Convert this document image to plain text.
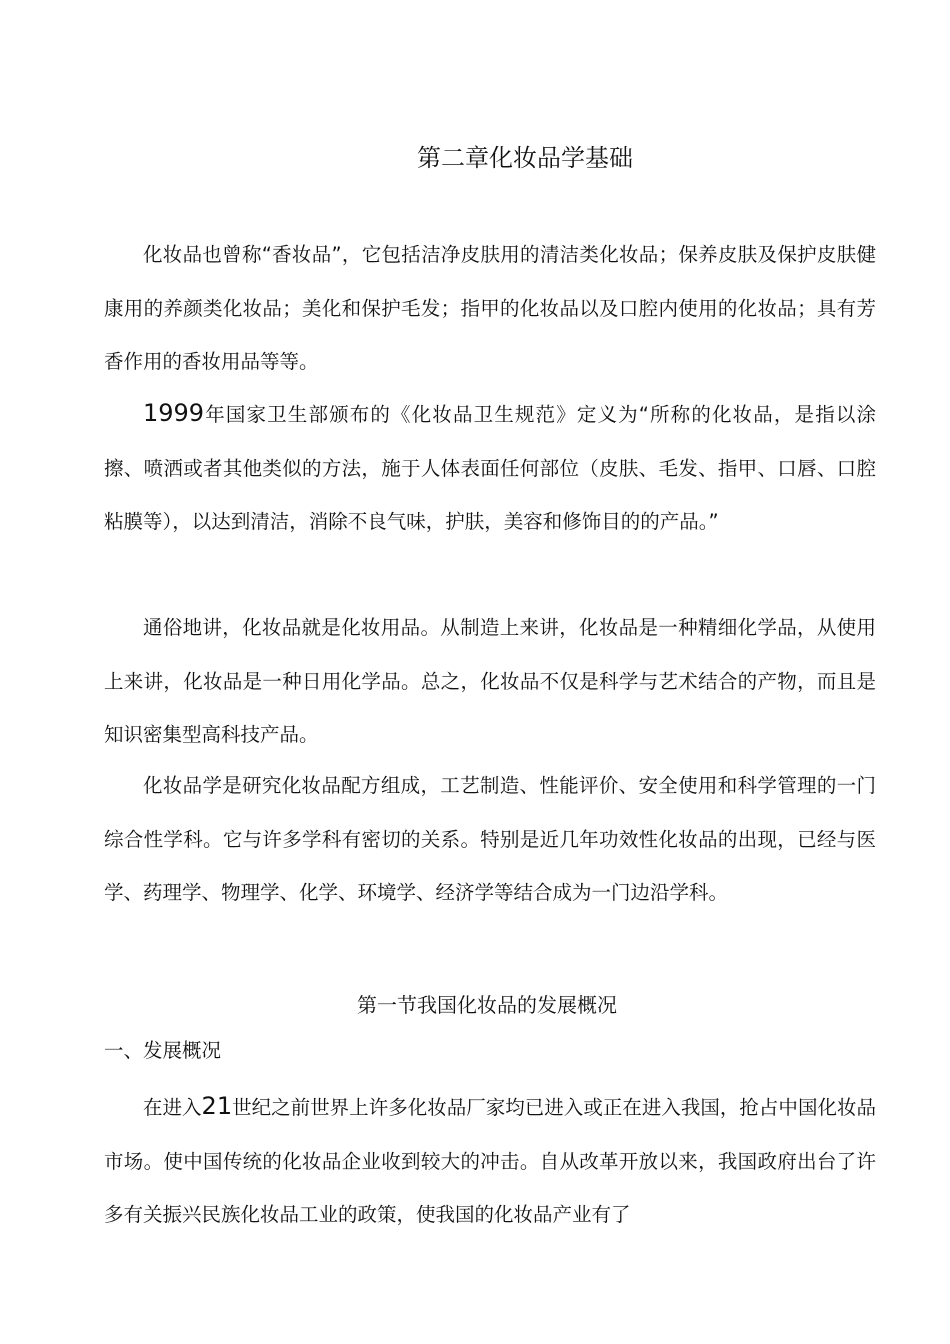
第二章化妆品学基础

化妆品也曾称“香妆品”，它包括洁净皮肤用的清洁类化妆品；保养皮肤及保护皮肤健康用的养颜类化妆品；美化和保护毛发；指甲的化妆品以及口腔内使用的化妆品；具有芳香作用的香妆用品等等。

1999年国家卫生部颁布的《化妆品卫生规范》定义为“所称的化妆品，是指以涂擦、喷洒或者其他类似的方法，施于人体表面任何部位（皮肤、毛发、指甲、口唇、口腔粘膜等），以达到清洁，消除不良气味，护肤，美容和修饰目的的产品。”

通俗地讲，化妆品就是化妆用品。从制造上来讲，化妆品是一种精细化学品，从使用上来讲，化妆品是一种日用化学品。总之，化妆品不仅是科学与艺术结合的产物，而且是知识密集型高科技产品。

化妆品学是研究化妆品配方组成，工艺制造、性能评价、安全使用和科学管理的一门综合性学科。它与许多学科有密切的关系。特别是近几年功效性化妆品的出现，已经与医学、药理学、物理学、化学、环境学、经济学等结合成为一门边沿学科。

第一节我国化妆品的发展概况
一、发展概况

在进入21世纪之前世界上许多化妆品厂家均已进入或正在进入我国，抢占中国化妆品市场。使中国传统的化妆品企业收到较大的冲击。自从改革开放以来，我国政府出台了许多有关振兴民族化妆品工业的政策，使我国的化妆品产业有了
